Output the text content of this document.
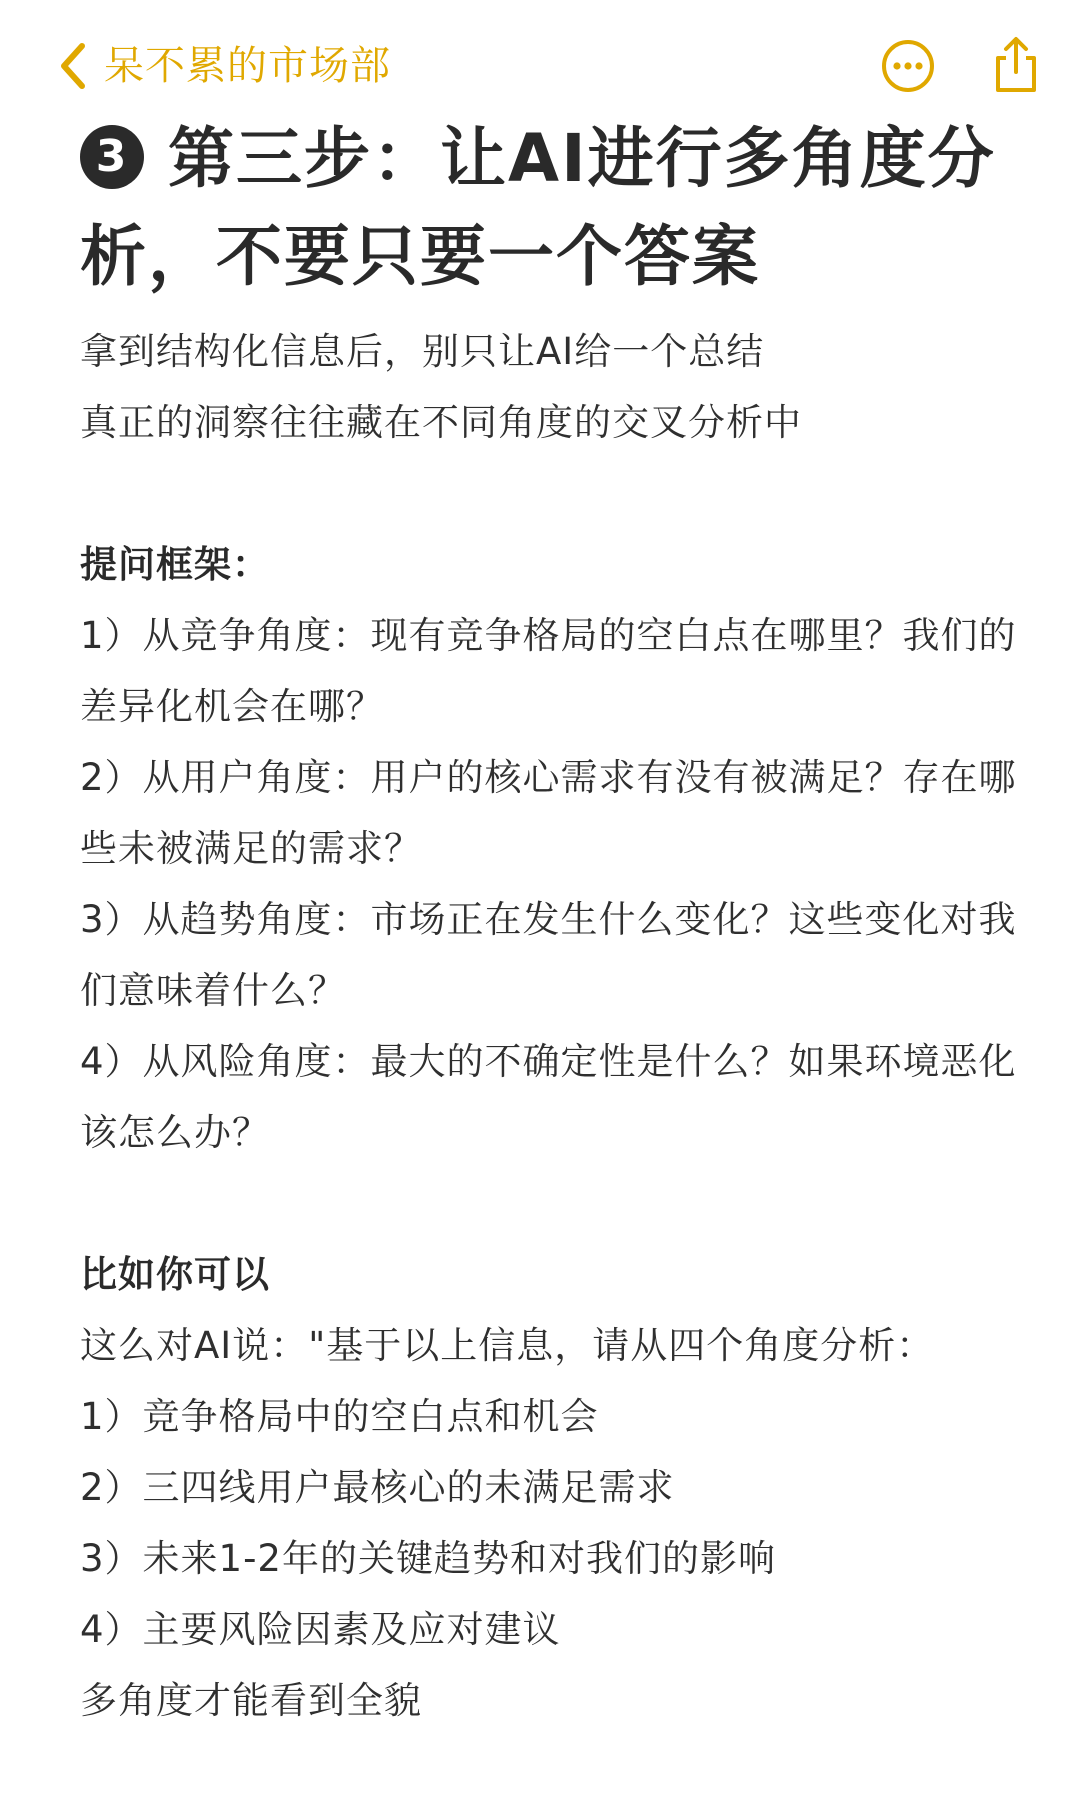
呆不累的市场部
3 第三步：让AI进行多角度分析，不要只要一个答案

拿到结构化信息后，别只让AI给一个总结

真正的洞察往往藏在不同角度的交叉分析中

提问框架：

1）从竞争角度：现有竞争格局的空白点在哪里？我们的差异化机会在哪？

2）从用户角度：用户的核心需求有没有被满足？存在哪些未被满足的需求？

3）从趋势角度：市场正在发生什么变化？这些变化对我们意味着什么？

4）从风险角度：最大的不确定性是什么？如果环境恶化该怎么办？

比如你可以

这么对AI说："基于以上信息，请从四个角度分析：

1）竞争格局中的空白点和机会

2）三四线用户最核心的未满足需求

3）未来1-2年的关键趋势和对我们的影响

4）主要风险因素及应对建议

多角度才能看到全貌
